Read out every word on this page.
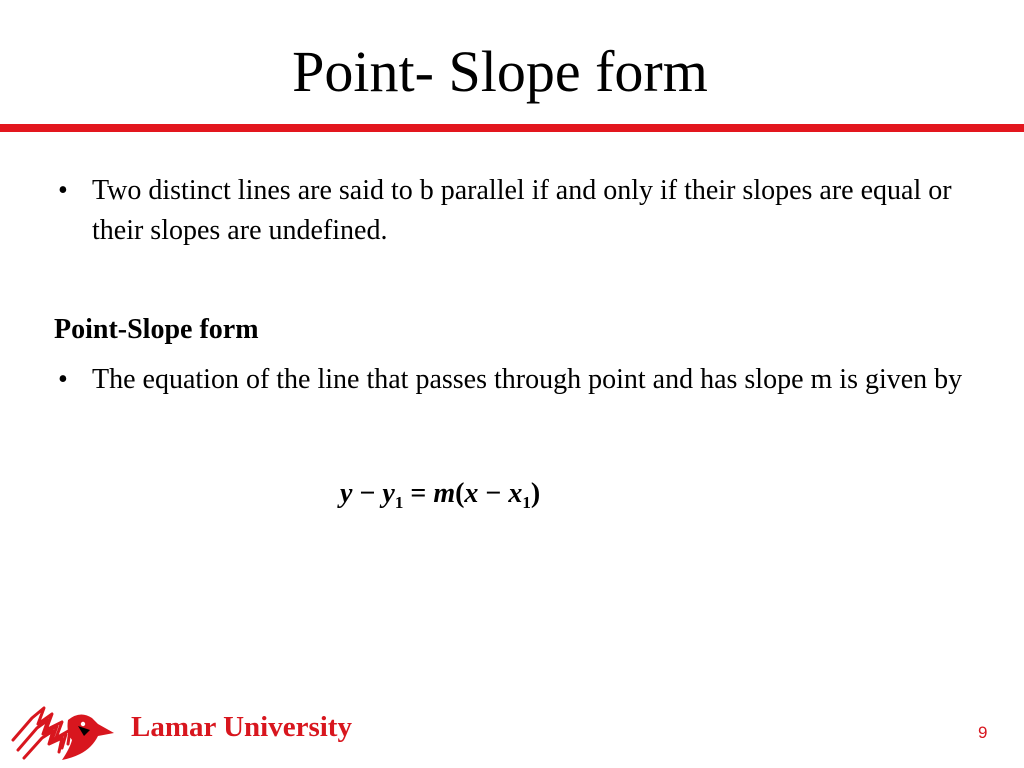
Point- Slope form
• Two distinct lines are said to b parallel if and only if their slopes are equal or their slopes are undefined.
Point-Slope form
• The equation of the line that passes through point and has slope m is given by
$y - y_1 = m(x - x_1)$
Lamar University	9
